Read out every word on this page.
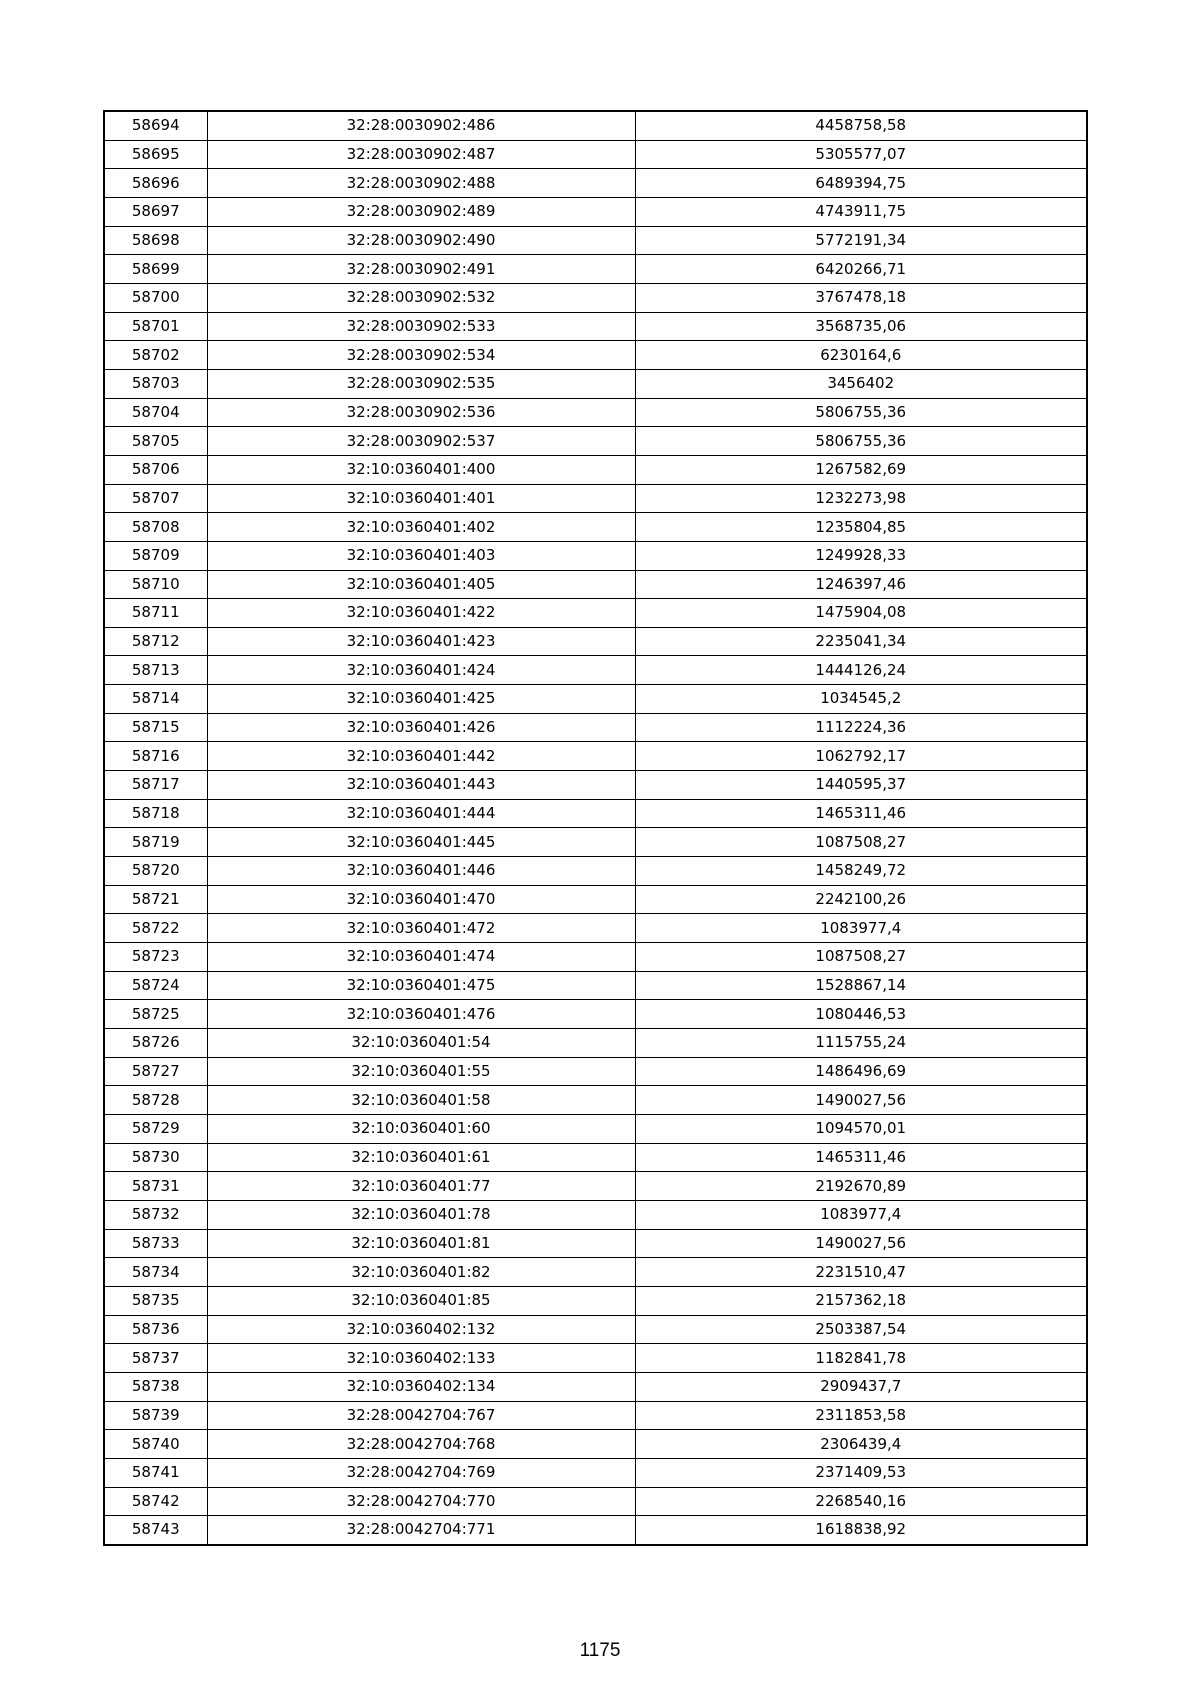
58694	32:28:0030902:486	4458758,58
58695	32:28:0030902:487	5305577,07
58696	32:28:0030902:488	6489394,75
58697	32:28:0030902:489	4743911,75
58698	32:28:0030902:490	5772191,34
58699	32:28:0030902:491	6420266,71
58700	32:28:0030902:532	3767478,18
58701	32:28:0030902:533	3568735,06
58702	32:28:0030902:534	6230164,6
58703	32:28:0030902:535	3456402
58704	32:28:0030902:536	5806755,36
58705	32:28:0030902:537	5806755,36
58706	32:10:0360401:400	1267582,69
58707	32:10:0360401:401	1232273,98
58708	32:10:0360401:402	1235804,85
58709	32:10:0360401:403	1249928,33
58710	32:10:0360401:405	1246397,46
58711	32:10:0360401:422	1475904,08
58712	32:10:0360401:423	2235041,34
58713	32:10:0360401:424	1444126,24
58714	32:10:0360401:425	1034545,2
58715	32:10:0360401:426	1112224,36
58716	32:10:0360401:442	1062792,17
58717	32:10:0360401:443	1440595,37
58718	32:10:0360401:444	1465311,46
58719	32:10:0360401:445	1087508,27
58720	32:10:0360401:446	1458249,72
58721	32:10:0360401:470	2242100,26
58722	32:10:0360401:472	1083977,4
58723	32:10:0360401:474	1087508,27
58724	32:10:0360401:475	1528867,14
58725	32:10:0360401:476	1080446,53
58726	32:10:0360401:54	1115755,24
58727	32:10:0360401:55	1486496,69
58728	32:10:0360401:58	1490027,56
58729	32:10:0360401:60	1094570,01
58730	32:10:0360401:61	1465311,46
58731	32:10:0360401:77	2192670,89
58732	32:10:0360401:78	1083977,4
58733	32:10:0360401:81	1490027,56
58734	32:10:0360401:82	2231510,47
58735	32:10:0360401:85	2157362,18
58736	32:10:0360402:132	2503387,54
58737	32:10:0360402:133	1182841,78
58738	32:10:0360402:134	2909437,7
58739	32:28:0042704:767	2311853,58
58740	32:28:0042704:768	2306439,4
58741	32:28:0042704:769	2371409,53
58742	32:28:0042704:770	2268540,16
58743	32:28:0042704:771	1618838,92
1175
